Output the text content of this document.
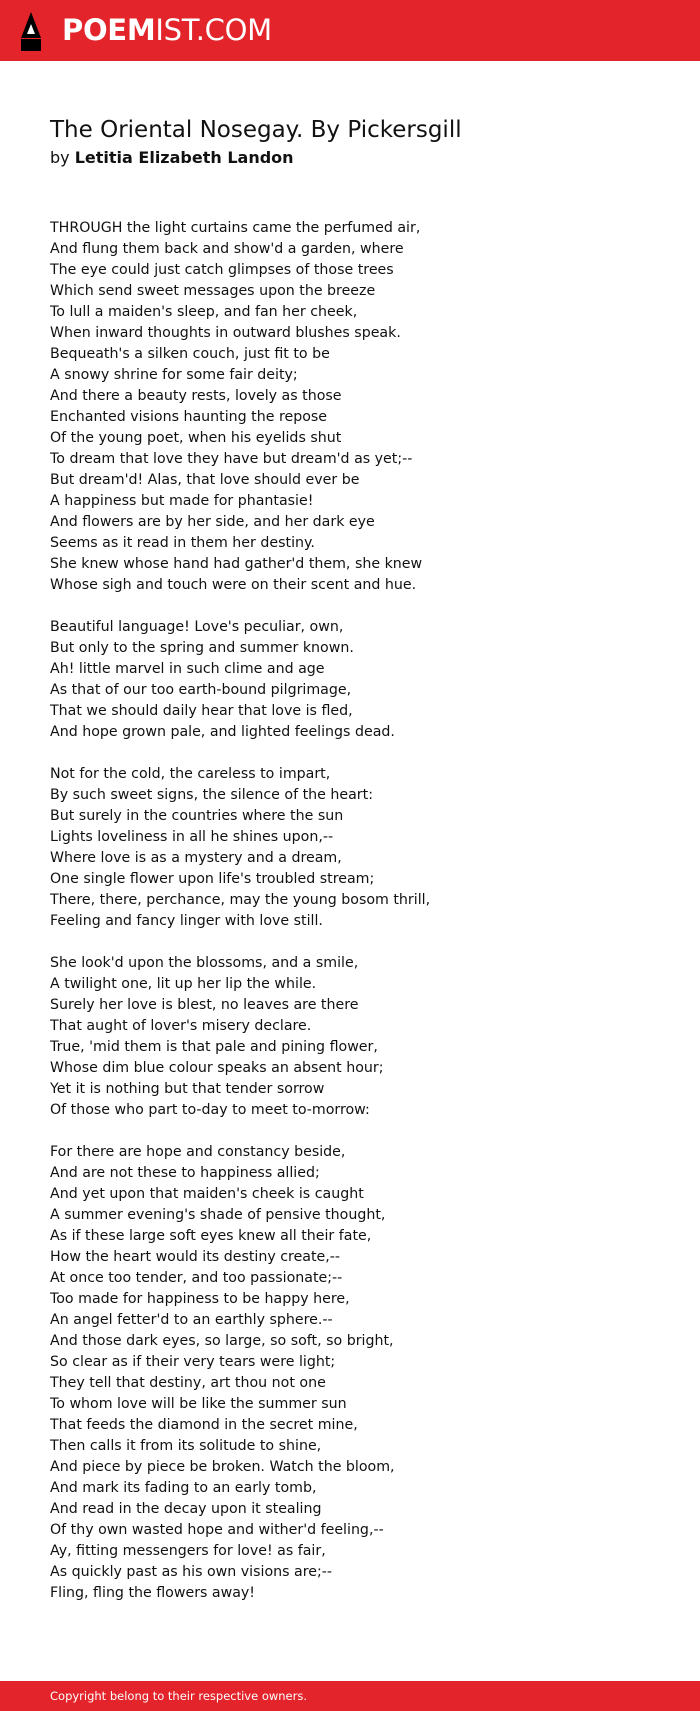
POEMIST.COM
The Oriental Nosegay. By Pickersgill
by Letitia Elizabeth Landon
THROUGH the light curtains came the perfumed air,
And flung them back and show'd a garden, where
The eye could just catch glimpses of those trees
Which send sweet messages upon the breeze
To lull a maiden's sleep, and fan her cheek,
When inward thoughts in outward blushes speak.
Bequeath's a silken couch, just fit to be
A snowy shrine for some fair deity;
And there a beauty rests, lovely as those
Enchanted visions haunting the repose
Of the young poet, when his eyelids shut
To dream that love they have but dream'd as yet;--
But dream'd! Alas, that love should ever be
A happiness but made for phantasie!
And flowers are by her side, and her dark eye
Seems as it read in them her destiny.
She knew whose hand had gather'd them, she knew
Whose sigh and touch were on their scent and hue.
Beautiful language! Love's peculiar, own,
But only to the spring and summer known.
Ah! little marvel in such clime and age
As that of our too earth-bound pilgrimage,
That we should daily hear that love is fled,
And hope grown pale, and lighted feelings dead.
Not for the cold, the careless to impart,
By such sweet signs, the silence of the heart:
But surely in the countries where the sun
Lights loveliness in all he shines upon,--
Where love is as a mystery and a dream,
One single flower upon life's troubled stream;
There, there, perchance, may the young bosom thrill,
Feeling and fancy linger with love still.
She look'd upon the blossoms, and a smile,
A twilight one, lit up her lip the while.
Surely her love is blest, no leaves are there
That aught of lover's misery declare.
True, 'mid them is that pale and pining flower,
Whose dim blue colour speaks an absent hour;
Yet it is nothing but that tender sorrow
Of those who part to-day to meet to-morrow:
For there are hope and constancy beside,
And are not these to happiness allied;
And yet upon that maiden's cheek is caught
A summer evening's shade of pensive thought,
As if these large soft eyes knew all their fate,
How the heart would its destiny create,--
At once too tender, and too passionate;--
Too made for happiness to be happy here,
An angel fetter'd to an earthly sphere.--
And those dark eyes, so large, so soft, so bright,
So clear as if their very tears were light;
They tell that destiny, art thou not one
To whom love will be like the summer sun
That feeds the diamond in the secret mine,
Then calls it from its solitude to shine,
And piece by piece be broken. Watch the bloom,
And mark its fading to an early tomb,
And read in the decay upon it stealing
Of thy own wasted hope and wither'd feeling,--
Ay, fitting messengers for love! as fair,
As quickly past as his own visions are;--
Fling, fling the flowers away!
Copyright belong to their respective owners.
